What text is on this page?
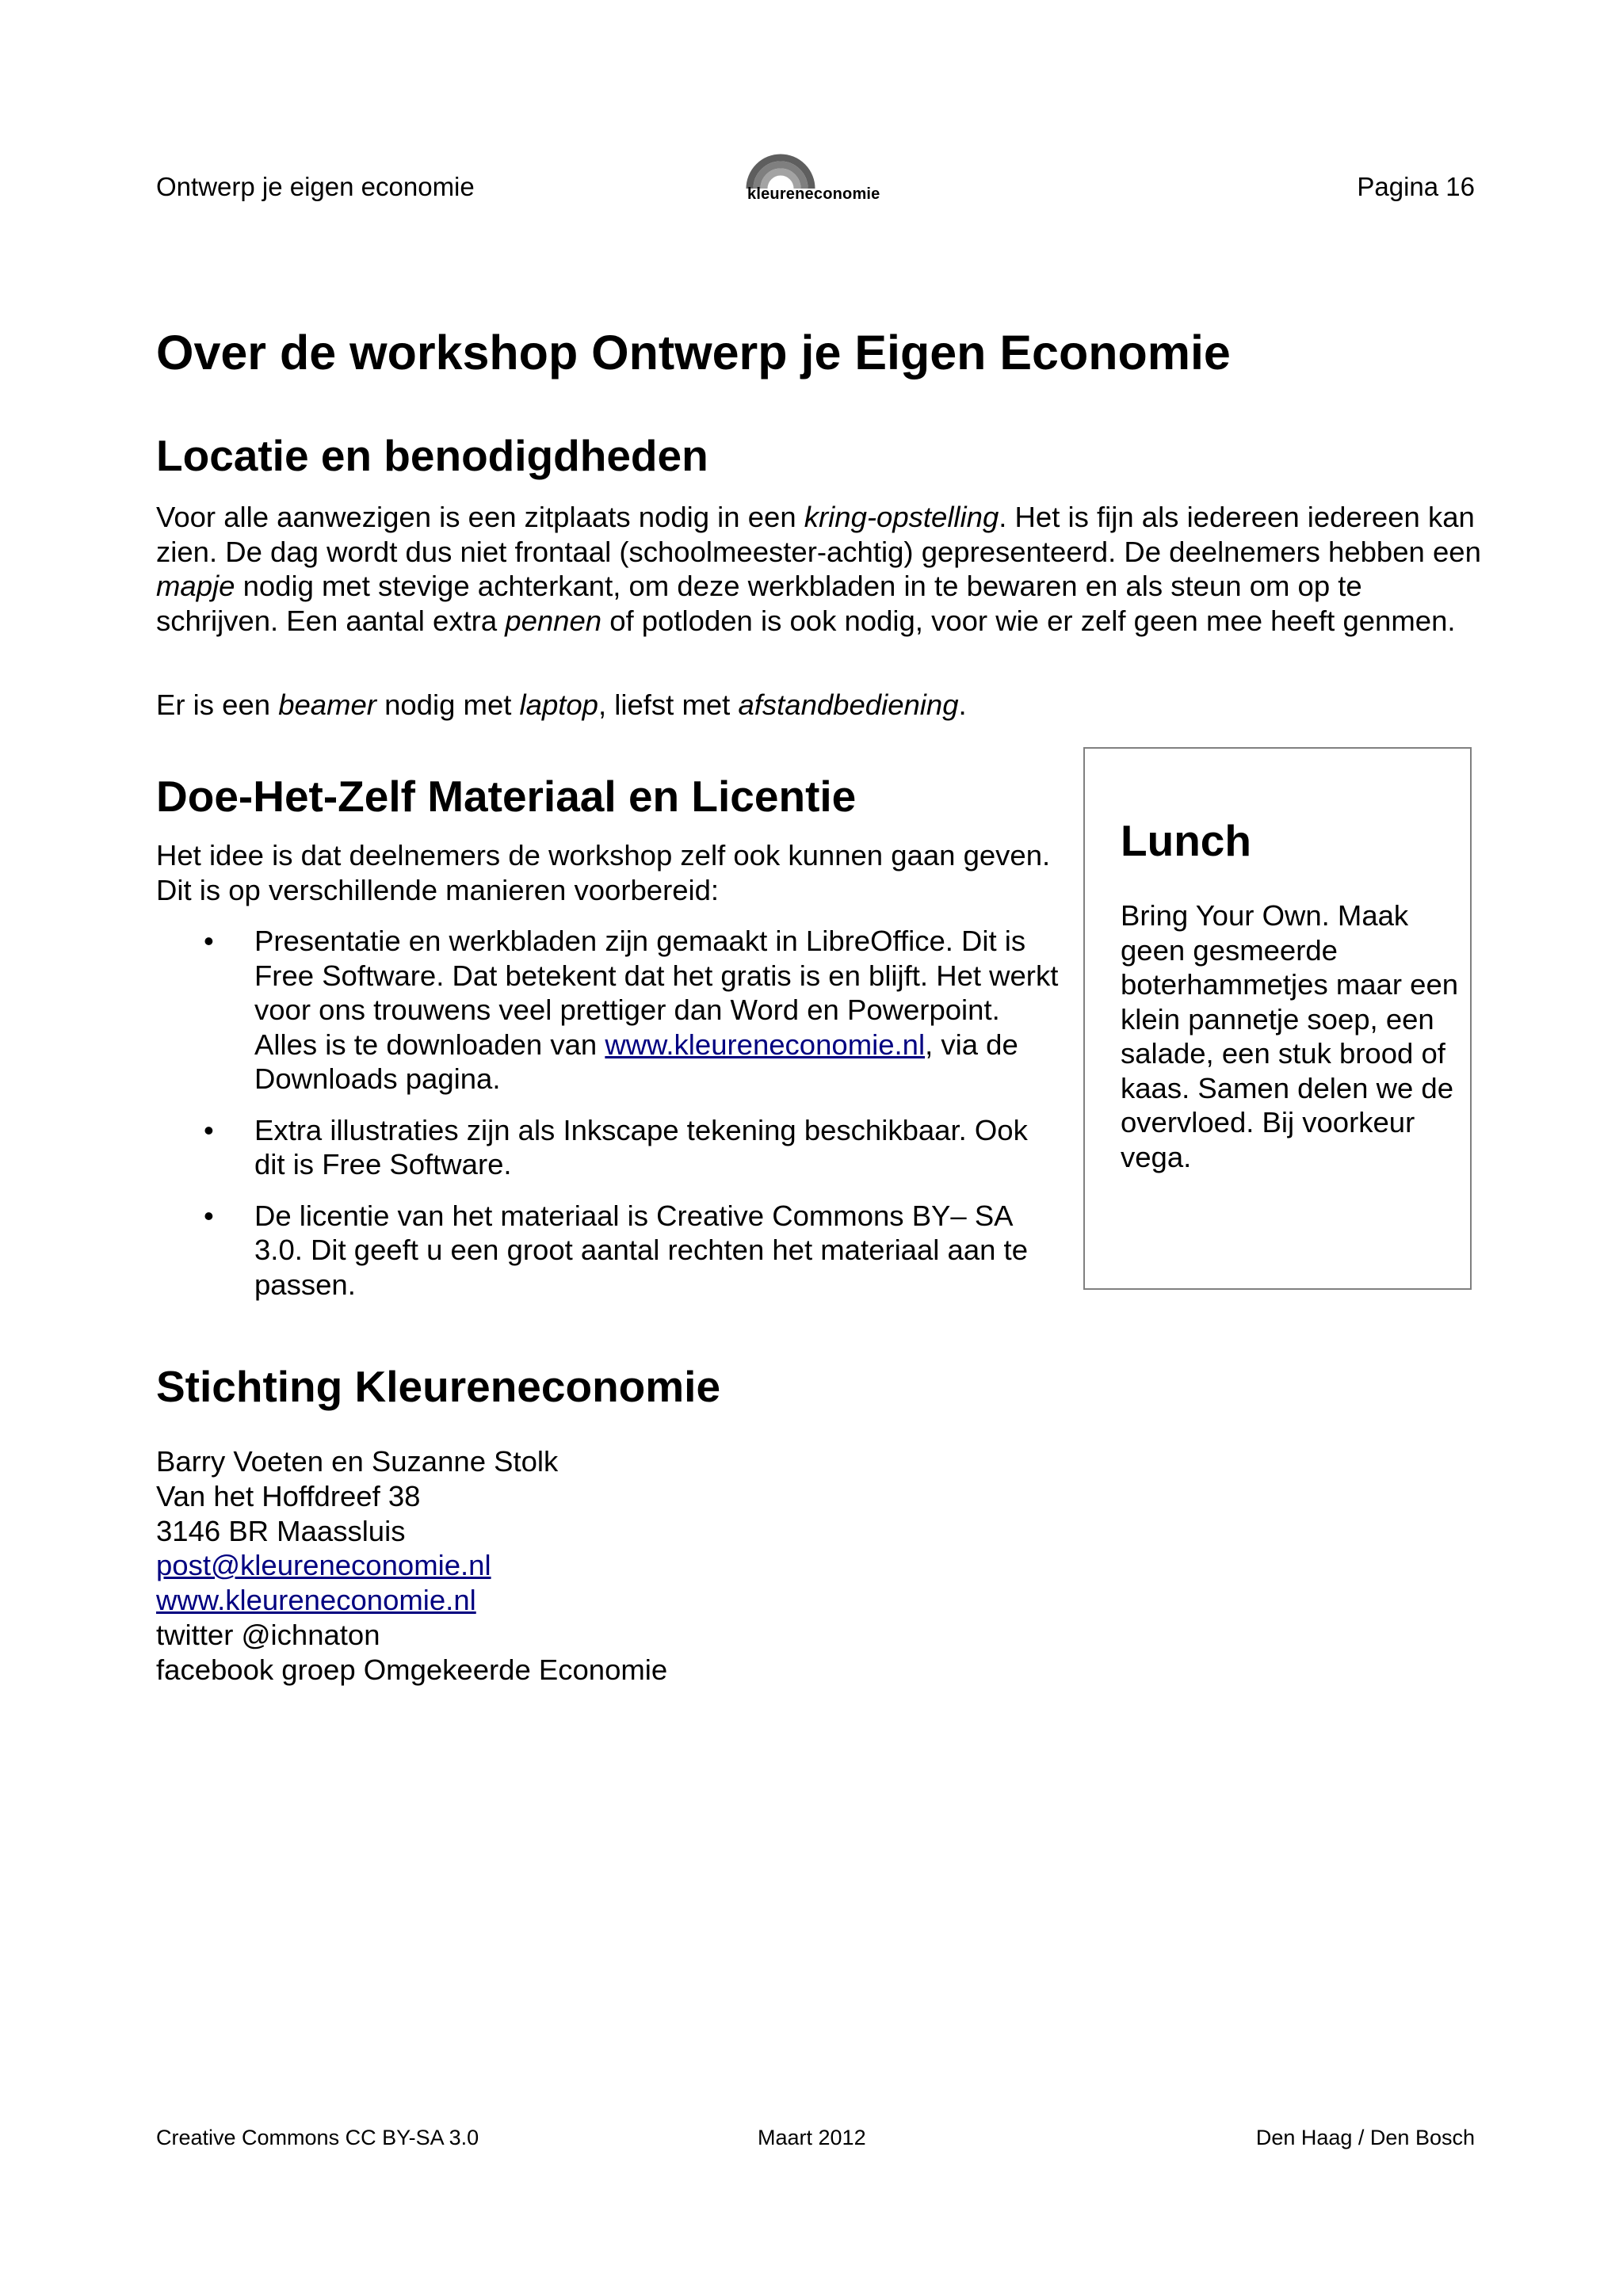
Ontwerp je eigen economie	kleureneconomie	Pagina 16
Over de workshop Ontwerp je Eigen Economie
Locatie en benodigdheden

Voor alle aanwezigen is een zitplaats nodig in een kring-opstelling. Het is fijn als iedereen iedereen kan zien. De dag wordt dus niet frontaal (schoolmeester-achtig) gepresenteerd. De deelnemers hebben een mapje nodig met stevige achterkant, om deze werkbladen in te bewaren en als steun om op te schrijven. Een aantal extra pennen of potloden is ook nodig, voor wie er zelf geen mee heeft genmen.

Er is een beamer nodig met laptop, liefst met afstandbediening.

Doe-Het-Zelf Materiaal en Licentie

Het idee is dat deelnemers de workshop zelf ook kunnen gaan geven. Dit is op verschillende manieren voorbereid:

• Presentatie en werkbladen zijn gemaakt in LibreOffice. Dit is Free Software. Dat betekent dat het gratis is en blijft. Het werkt voor ons trouwens veel prettiger dan Word en Powerpoint. Alles is te downloaden van www.kleureneconomie.nl, via de Downloads pagina.
• Extra illustraties zijn als Inkscape tekening beschikbaar. Ook dit is Free Software.
• De licentie van het materiaal is Creative Commons BY– SA 3.0. Dit geeft u een groot aantal rechten het materiaal aan te passen.
Lunch

Bring Your Own. Maak geen gesmeerde boterhammetjes maar een klein pannetje soep, een salade, een stuk brood of kaas. Samen delen we de overvloed. Bij voorkeur vega.

Stichting Kleureneconomie
Barry Voeten en Suzanne Stolk
Van het Hoffdreef 38
3146 BR Maassluis
post@kleureneconomie.nl
www.kleureneconomie.nl
twitter @ichnaton
facebook groep Omgekeerde Economie
Creative Commons CC BY-SA 3.0	Maart 2012	Den Haag / Den Bosch
